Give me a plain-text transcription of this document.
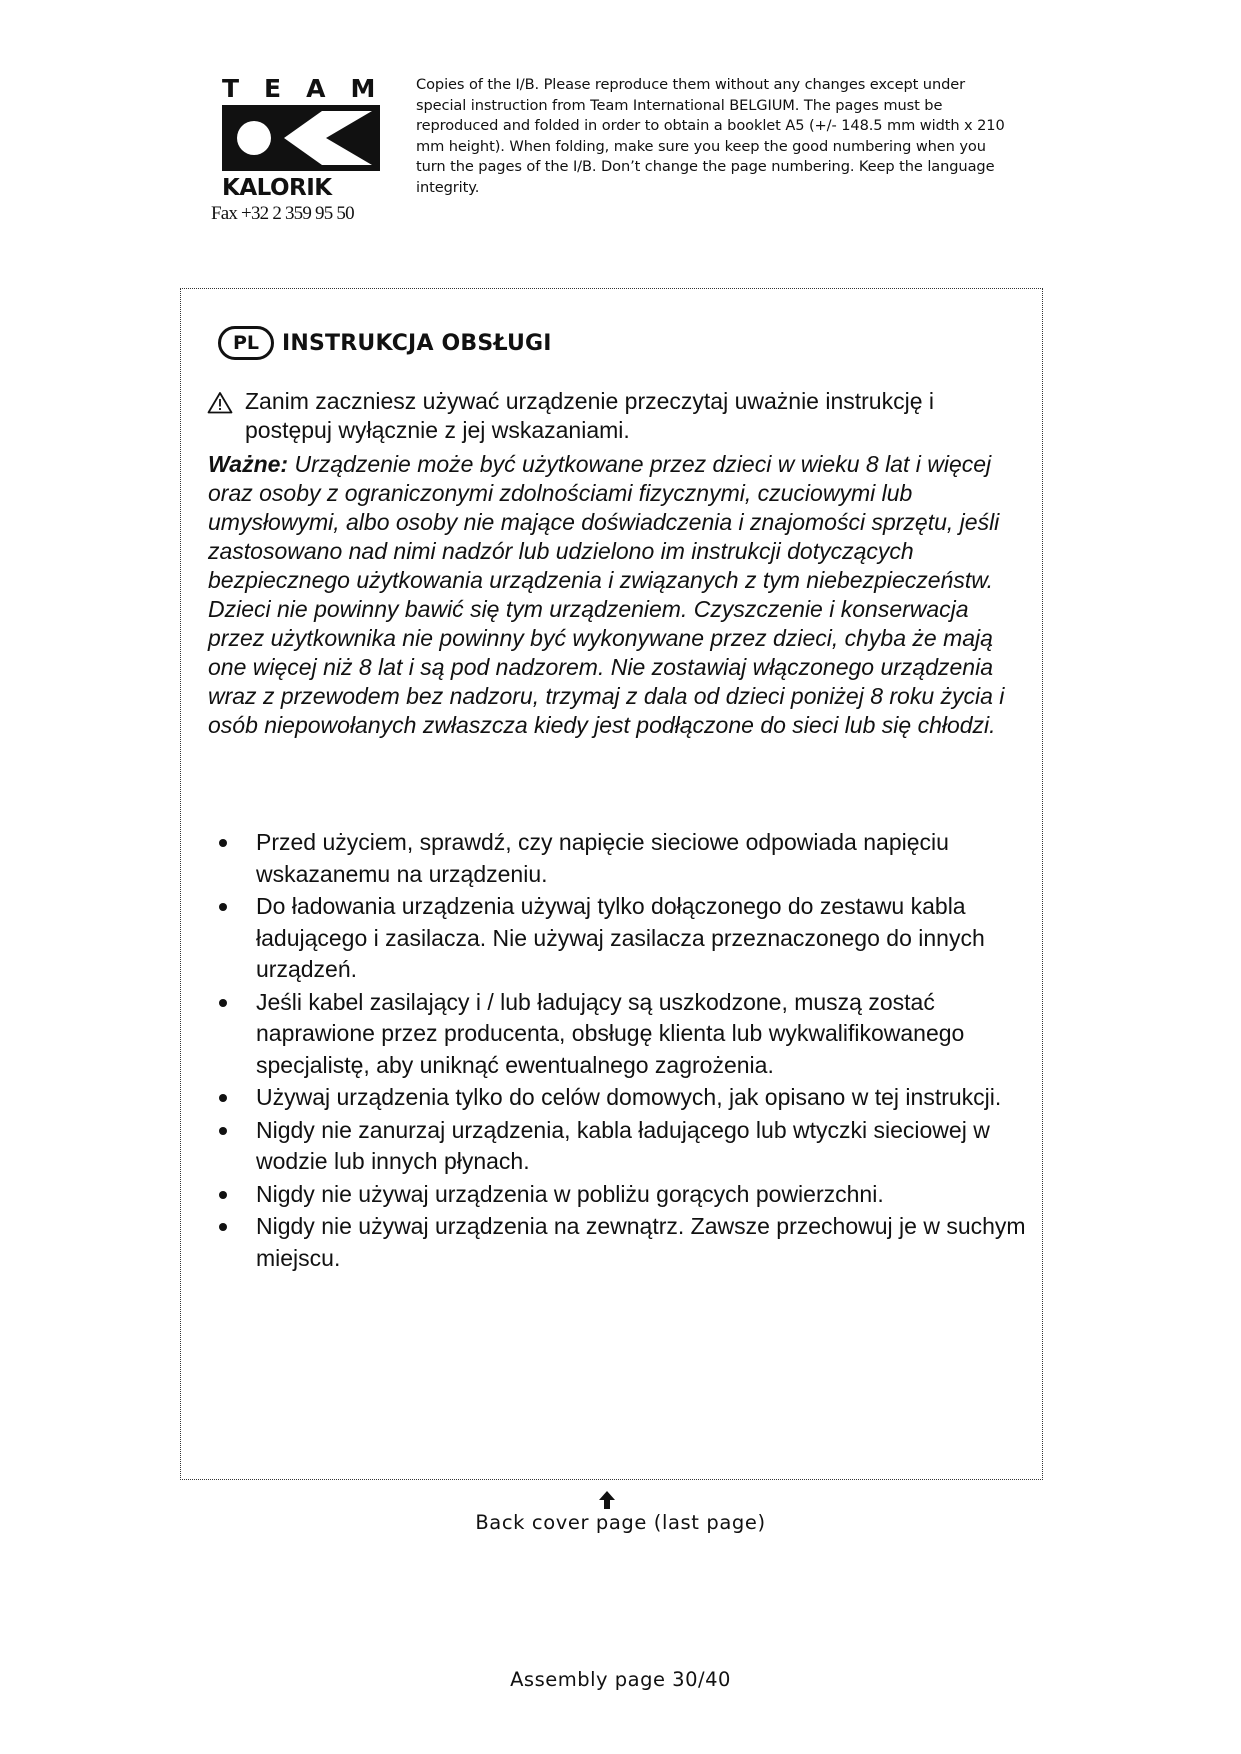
TEAM
KALORIK
Fax +32 2 359 95 50
Copies of the I/B. Please reproduce them without any changes except under special instruction from Team International BELGIUM. The pages must be reproduced and folded in order to obtain a booklet A5 (+/- 148.5 mm width x 210 mm height). When folding, make sure you keep the good numbering when you turn the pages of the I/B. Don’t change the page numbering. Keep the language integrity.
PL	INSTRUKCJA OBSŁUGI
Zanim zaczniesz używać urządzenie przeczytaj uważnie instrukcję i postępuj wyłącznie z jej wskazaniami.
Ważne: Urządzenie może być użytkowane przez dzieci w wieku 8 lat i więcej oraz osoby z ograniczonymi zdolnościami fizycznymi, czuciowymi lub umysłowymi, albo osoby nie mające doświadczenia i znajomości sprzętu, jeśli zastosowano nad nimi nadzór lub udzielono im instrukcji dotyczących bezpiecznego użytkowania urządzenia i związanych z tym niebezpieczeństw. Dzieci nie powinny bawić się tym urządzeniem. Czyszczenie i konserwacja przez użytkownika nie powinny być wykonywane przez dzieci, chyba że mają one więcej niż 8 lat i są pod nadzorem. Nie zostawiaj włączonego urządzenia wraz z przewodem bez nadzoru, trzymaj z dala od dzieci poniżej 8 roku życia i osób niepowołanych zwłaszcza kiedy jest podłączone do sieci lub się chłodzi.
Przed użyciem, sprawdź, czy napięcie sieciowe odpowiada napięciu wskazanemu na urządzeniu.
Do ładowania urządzenia używaj tylko dołączonego do zestawu kabla ładującego i zasilacza. Nie używaj zasilacza przeznaczonego do innych urządzeń.
Jeśli kabel zasilający i / lub ładujący są uszkodzone, muszą zostać naprawione przez producenta, obsługę klienta lub wykwalifikowanego specjalistę, aby uniknąć ewentualnego zagrożenia.
Używaj urządzenia tylko do celów domowych, jak opisano w tej instrukcji.
Nigdy nie zanurzaj urządzenia, kabla ładującego lub wtyczki sieciowej w wodzie lub innych płynach.
Nigdy nie używaj urządzenia w pobliżu gorących powierzchni.
Nigdy nie używaj urządzenia na zewnątrz. Zawsze przechowuj je w suchym miejscu.
Back cover page (last page)
Assembly page 30/40
